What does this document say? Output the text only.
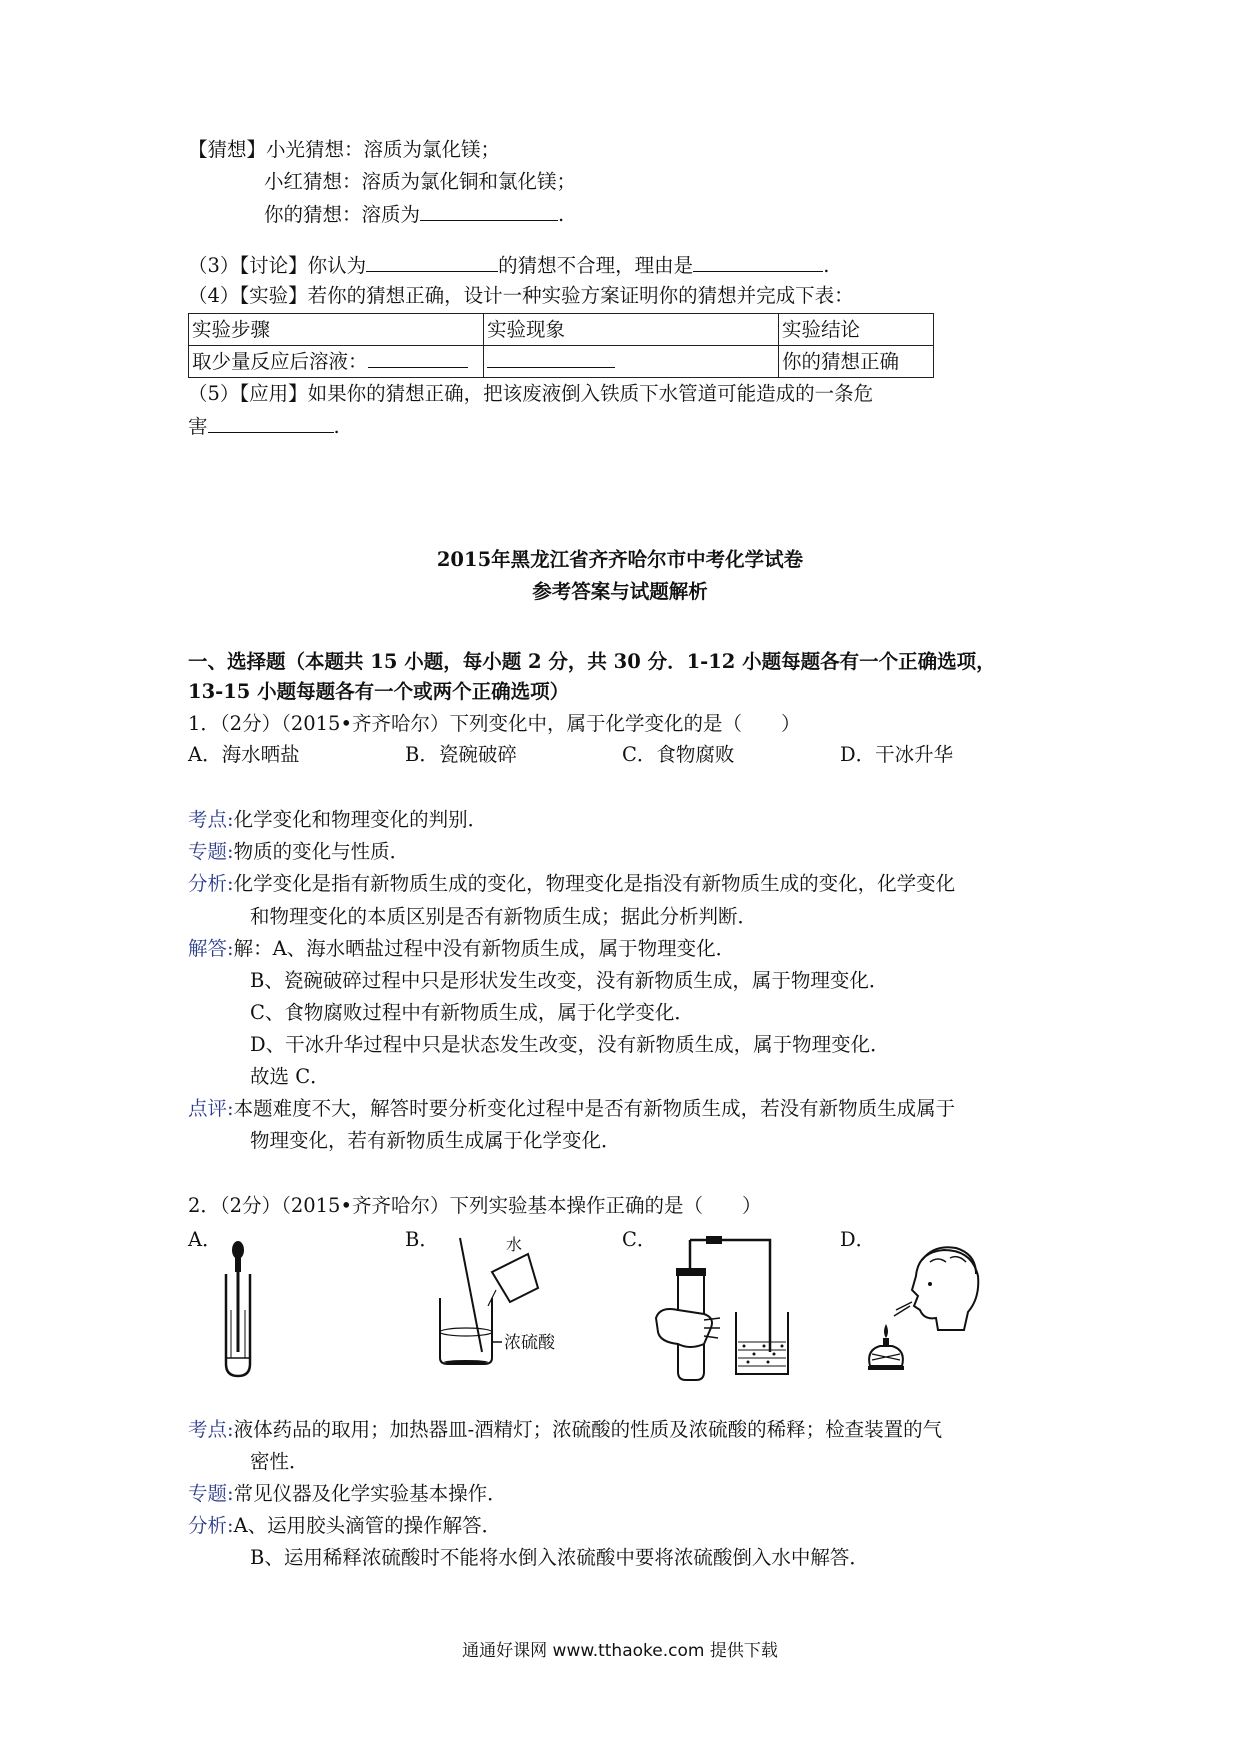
【猜想】小光猜想：溶质为氯化镁；
小红猜想：溶质为氯化铜和氯化镁；
你的猜想：溶质为	.
（3）【讨论】你认为	的猜想不合理，理由是	.
（4）【实验】若你的猜想正确，设计一种实验方案证明你的猜想并完成下表：
实验步骤	实验现象	实验结论
取少量反应后溶液：		你的猜想正确
（5）【应用】如果你的猜想正确，把该废液倒入铁质下水管道可能造成的一条危
害	.
2015年黑龙江省齐齐哈尔市中考化学试卷
参考答案与试题解析
一、选择题（本题共 15 小题，每小题 2 分，共 30 分．1-12 小题每题各有一个正确选项，
13-15 小题每题各有一个或两个正确选项）
1．（2分）（2015•齐齐哈尔）下列变化中，属于化学变化的是（　　）
A．海水晒盐	B．瓷碗破碎	C．食物腐败	D．干冰升华
考点:化学变化和物理变化的判别．
专题:物质的变化与性质．
分析:化学变化是指有新物质生成的变化，物理变化是指没有新物质生成的变化，化学变化
和物理变化的本质区别是否有新物质生成；据此分析判断．
解答:解：A、海水晒盐过程中没有新物质生成，属于物理变化．
B、瓷碗破碎过程中只是形状发生改变，没有新物质生成，属于物理变化．
C、食物腐败过程中有新物质生成，属于化学变化．
D、干冰升华过程中只是状态发生改变，没有新物质生成，属于物理变化．
故选 C．
点评:本题难度不大，解答时要分析变化过程中是否有新物质生成，若没有新物质生成属于
物理变化，若有新物质生成属于化学变化．
2．（2分）（2015•齐齐哈尔）下列实验基本操作正确的是（　　）
A．	B．	C．	D．
水
浓硫酸
考点:液体药品的取用；加热器皿-酒精灯；浓硫酸的性质及浓硫酸的稀释；检查装置的气
密性．
专题:常见仪器及化学实验基本操作．
分析:A、运用胶头滴管的操作解答．
B、运用稀释浓硫酸时不能将水倒入浓硫酸中要将浓硫酸倒入水中解答．
通通好课网 www.tthaoke.com 提供下载
